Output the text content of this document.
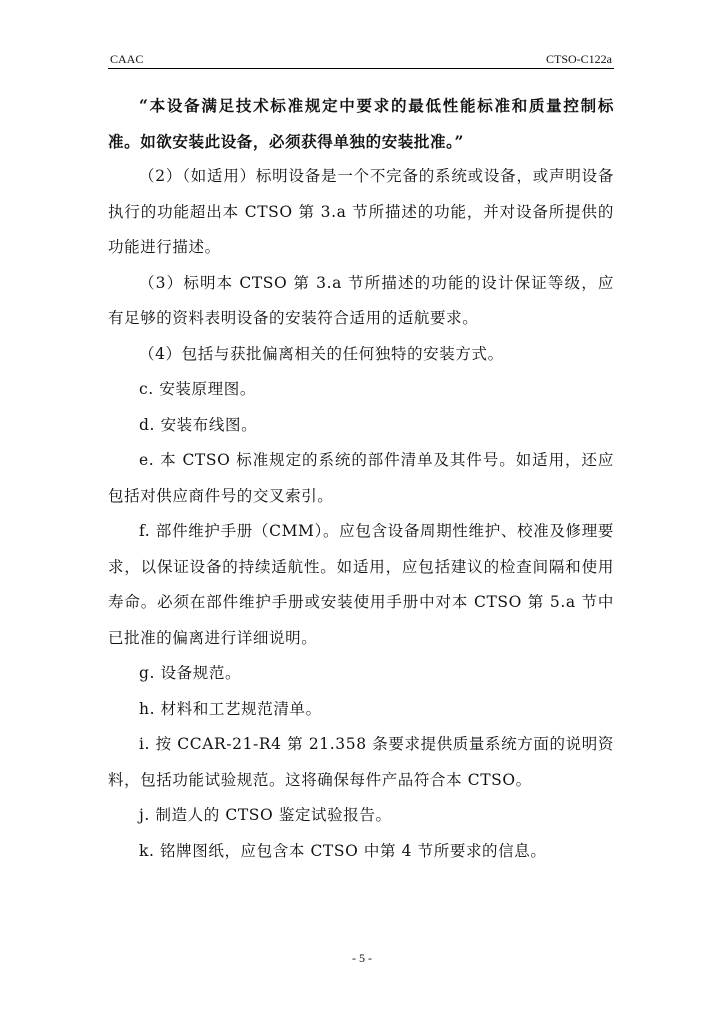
CAAC	CTSO-C122a

“本设备满足技术标准规定中要求的最低性能标准和质量控制标准。如欲安装此设备，必须获得单独的安装批准。”

（2）（如适用）标明设备是一个不完备的系统或设备，或声明设备执行的功能超出本 CTSO 第 3.a 节所描述的功能，并对设备所提供的功能进行描述。

（3）标明本 CTSO 第 3.a 节所描述的功能的设计保证等级，应有足够的资料表明设备的安装符合适用的适航要求。

（4）包括与获批偏离相关的任何独特的安装方式。

c. 安装原理图。

d. 安装布线图。

e. 本 CTSO 标准规定的系统的部件清单及其件号。如适用，还应包括对供应商件号的交叉索引。

f. 部件维护手册（CMM）。应包含设备周期性维护、校准及修理要求，以保证设备的持续适航性。如适用，应包括建议的检查间隔和使用寿命。必须在部件维护手册或安装使用手册中对本 CTSO 第 5.a 节中已批准的偏离进行详细说明。

g. 设备规范。

h. 材料和工艺规范清单。

i. 按 CCAR-21-R4 第 21.358 条要求提供质量系统方面的说明资料，包括功能试验规范。这将确保每件产品符合本 CTSO。

j. 制造人的 CTSO 鉴定试验报告。

k. 铭牌图纸，应包含本 CTSO 中第 4 节所要求的信息。

- 5 -
